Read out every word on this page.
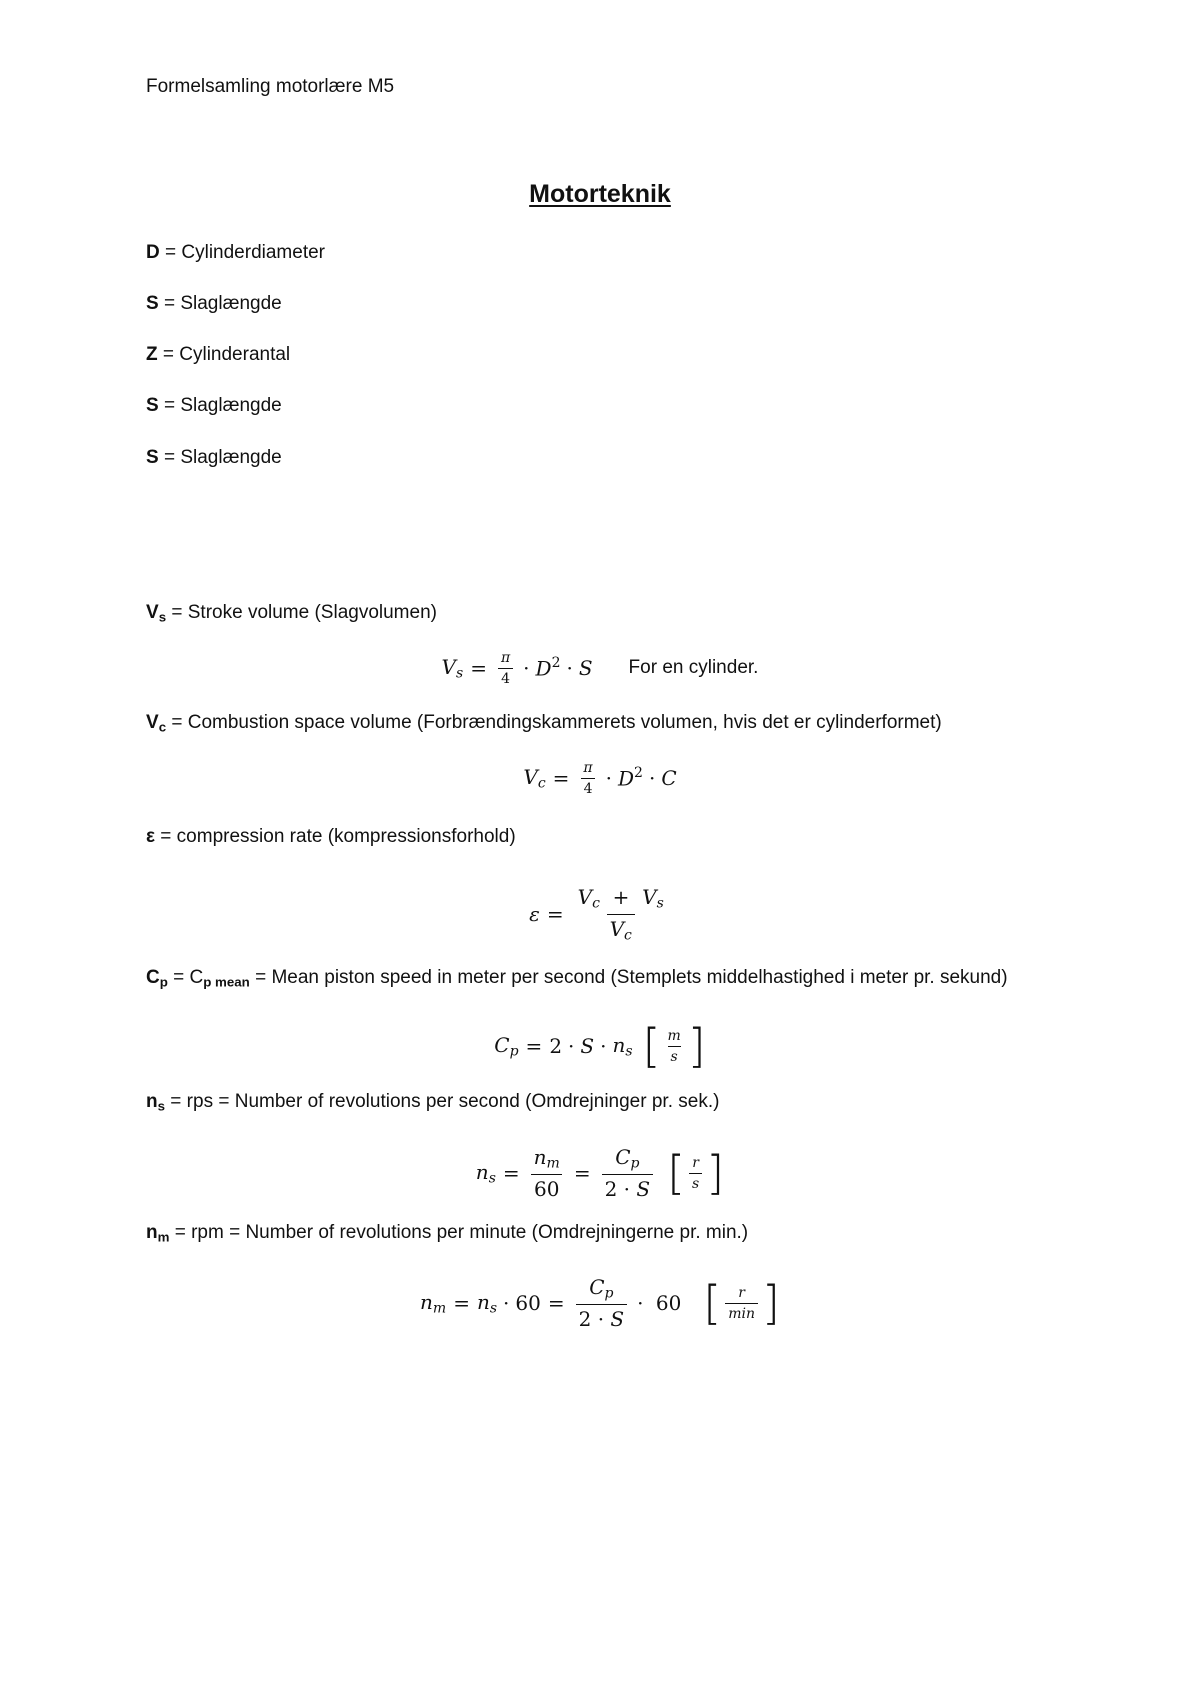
Formelsamling motorlære M5
Motorteknik
D = Cylinderdiameter
S = Slaglængde
Z = Cylinderantal
S = Slaglængde
S = Slaglængde
$V_s$ = Stroke volume (Slagvolumen)
$V_s = \frac{\pi}{4} \cdot D^2 \cdot S$ For en cylinder.
$V_c$ = Combustion space volume (Forbrændingskammerets volumen, hvis det er cylinderformet)
$V_c = \frac{\pi}{4} \cdot D^2 \cdot C$
ε = compression rate (kompressionsforhold)
$\varepsilon = \frac{V_c + V_s}{V_c}$
$C_p = C_{p mean}$ = Mean piston speed in meter per second (Stemplets middelhastighed i meter pr. sekund)
$C_p = 2 \cdot S \cdot n_s$ [ $\frac{m}{s}$ ]
$n_s$ = rps = Number of revolutions per second (Omdrejninger pr. sek.)
$n_s = \frac{n_m}{60} = \frac{C_p}{2 \cdot S}$ [ $\frac{r}{s}$ ]
$n_m$ = rpm = Number of revolutions per minute (Omdrejningerne pr. min.)
$n_m = n_s \cdot 60 = \frac{C_p}{2 \cdot S} \cdot 60$ [ $\frac{r}{\min}$ ]
